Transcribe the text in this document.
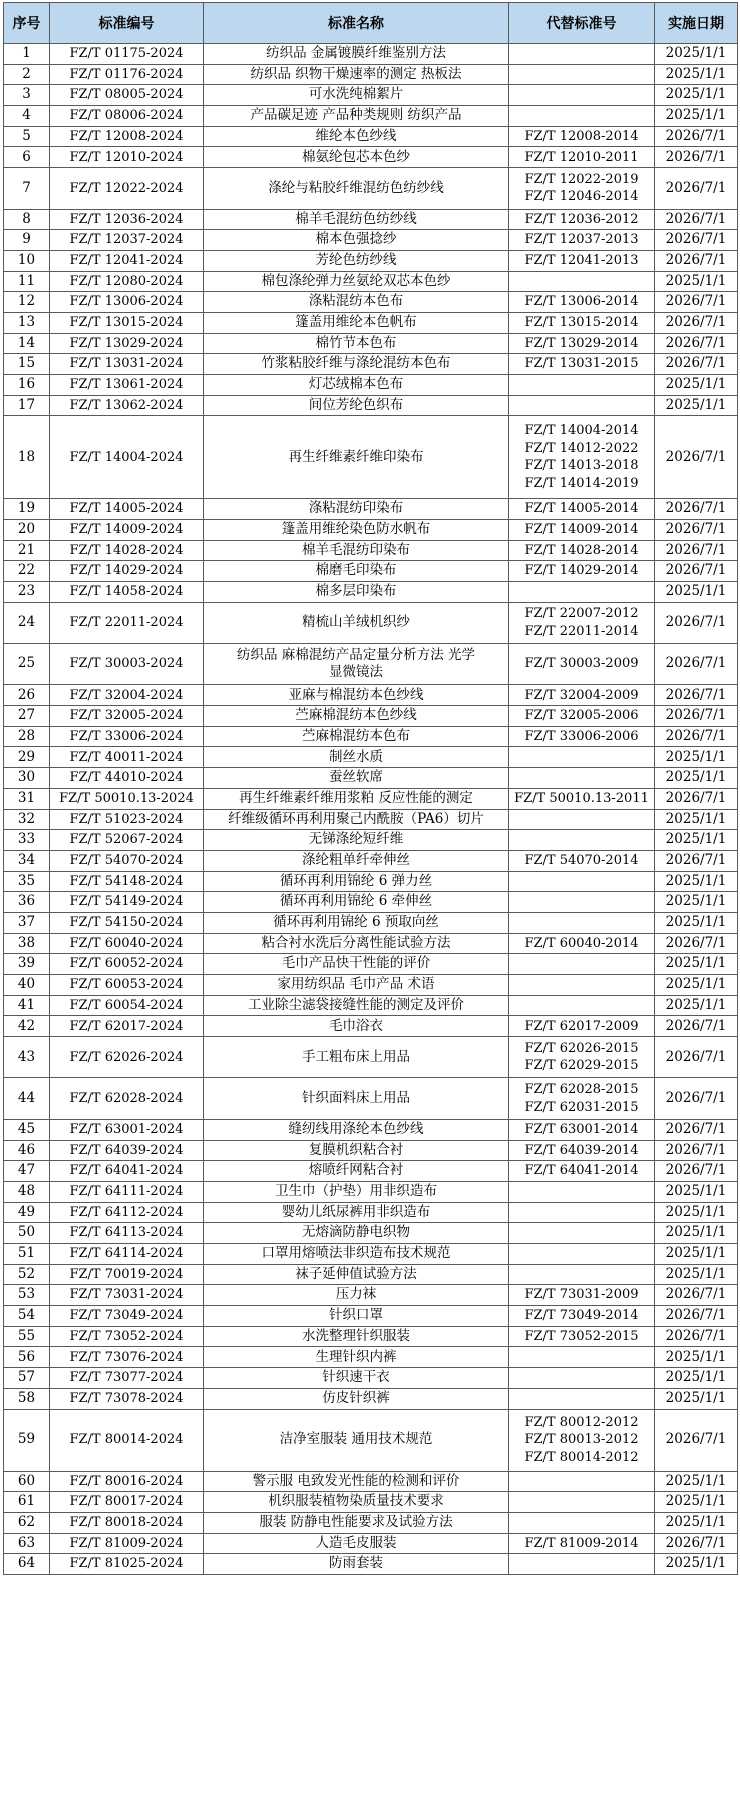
序号	标准编号	标准名称	代替标准号	实施日期
1	FZ/T 01175-2024	纺织品 金属镀膜纤维鉴别方法		2025/1/1
2	FZ/T 01176-2024	纺织品 织物干燥速率的测定 热板法		2025/1/1
3	FZ/T 08005-2024	可水洗纯棉絮片		2025/1/1
4	FZ/T 08006-2024	产品碳足迹 产品种类规则 纺织产品		2025/1/1
5	FZ/T 12008-2024	维纶本色纱线	FZ/T 12008-2014	2026/7/1
6	FZ/T 12010-2024	棉氨纶包芯本色纱	FZ/T 12010-2011	2026/7/1
7	FZ/T 12022-2024	涤纶与粘胶纤维混纺色纺纱线	FZ/T 12022-2019
FZ/T 12046-2014	2026/7/1
8	FZ/T 12036-2024	棉羊毛混纺色纺纱线	FZ/T 12036-2012	2026/7/1
9	FZ/T 12037-2024	棉本色强捻纱	FZ/T 12037-2013	2026/7/1
10	FZ/T 12041-2024	芳纶色纺纱线	FZ/T 12041-2013	2026/7/1
11	FZ/T 12080-2024	棉包涤纶弹力丝氨纶双芯本色纱		2025/1/1
12	FZ/T 13006-2024	涤粘混纺本色布	FZ/T 13006-2014	2026/7/1
13	FZ/T 13015-2024	篷盖用维纶本色帆布	FZ/T 13015-2014	2026/7/1
14	FZ/T 13029-2024	棉竹节本色布	FZ/T 13029-2014	2026/7/1
15	FZ/T 13031-2024	竹浆粘胶纤维与涤纶混纺本色布	FZ/T 13031-2015	2026/7/1
16	FZ/T 13061-2024	灯芯绒棉本色布		2025/1/1
17	FZ/T 13062-2024	间位芳纶色织布		2025/1/1
18	FZ/T 14004-2024	再生纤维素纤维印染布	FZ/T 14004-2014
FZ/T 14012-2022
FZ/T 14013-2018
FZ/T 14014-2019	2026/7/1
19	FZ/T 14005-2024	涤粘混纺印染布	FZ/T 14005-2014	2026/7/1
20	FZ/T 14009-2024	篷盖用维纶染色防水帆布	FZ/T 14009-2014	2026/7/1
21	FZ/T 14028-2024	棉羊毛混纺印染布	FZ/T 14028-2014	2026/7/1
22	FZ/T 14029-2024	棉磨毛印染布	FZ/T 14029-2014	2026/7/1
23	FZ/T 14058-2024	棉多层印染布		2025/1/1
24	FZ/T 22011-2024	精梳山羊绒机织纱	FZ/T 22007-2012
FZ/T 22011-2014	2026/7/1
25	FZ/T 30003-2024	纺织品 麻棉混纺产品定量分析方法 光学
显微镜法	FZ/T 30003-2009	2026/7/1
26	FZ/T 32004-2024	亚麻与棉混纺本色纱线	FZ/T 32004-2009	2026/7/1
27	FZ/T 32005-2024	苎麻棉混纺本色纱线	FZ/T 32005-2006	2026/7/1
28	FZ/T 33006-2024	苎麻棉混纺本色布	FZ/T 33006-2006	2026/7/1
29	FZ/T 40011-2024	制丝水质		2025/1/1
30	FZ/T 44010-2024	蚕丝软席		2025/1/1
31	FZ/T 50010.13-2024	再生纤维素纤维用浆粕 反应性能的测定	FZ/T 50010.13-2011	2026/7/1
32	FZ/T 51023-2024	纤维级循环再利用聚己内酰胺（PA6）切片		2025/1/1
33	FZ/T 52067-2024	无锑涤纶短纤维		2025/1/1
34	FZ/T 54070-2024	涤纶粗单纤牵伸丝	FZ/T 54070-2014	2026/7/1
35	FZ/T 54148-2024	循环再利用锦纶 6 弹力丝		2025/1/1
36	FZ/T 54149-2024	循环再利用锦纶 6 牵伸丝		2025/1/1
37	FZ/T 54150-2024	循环再利用锦纶 6 预取向丝		2025/1/1
38	FZ/T 60040-2024	粘合衬水洗后分离性能试验方法	FZ/T 60040-2014	2026/7/1
39	FZ/T 60052-2024	毛巾产品快干性能的评价		2025/1/1
40	FZ/T 60053-2024	家用纺织品 毛巾产品 术语		2025/1/1
41	FZ/T 60054-2024	工业除尘滤袋接缝性能的测定及评价		2025/1/1
42	FZ/T 62017-2024	毛巾浴衣	FZ/T 62017-2009	2026/7/1
43	FZ/T 62026-2024	手工粗布床上用品	FZ/T 62026-2015
FZ/T 62029-2015	2026/7/1
44	FZ/T 62028-2024	针织面料床上用品	FZ/T 62028-2015
FZ/T 62031-2015	2026/7/1
45	FZ/T 63001-2024	缝纫线用涤纶本色纱线	FZ/T 63001-2014	2026/7/1
46	FZ/T 64039-2024	复膜机织粘合衬	FZ/T 64039-2014	2026/7/1
47	FZ/T 64041-2024	熔喷纤网粘合衬	FZ/T 64041-2014	2026/7/1
48	FZ/T 64111-2024	卫生巾（护垫）用非织造布		2025/1/1
49	FZ/T 64112-2024	婴幼儿纸尿裤用非织造布		2025/1/1
50	FZ/T 64113-2024	无熔滴防静电织物		2025/1/1
51	FZ/T 64114-2024	口罩用熔喷法非织造布技术规范		2025/1/1
52	FZ/T 70019-2024	袜子延伸值试验方法		2025/1/1
53	FZ/T 73031-2024	压力袜	FZ/T 73031-2009	2026/7/1
54	FZ/T 73049-2024	针织口罩	FZ/T 73049-2014	2026/7/1
55	FZ/T 73052-2024	水洗整理针织服装	FZ/T 73052-2015	2026/7/1
56	FZ/T 73076-2024	生理针织内裤		2025/1/1
57	FZ/T 73077-2024	针织速干衣		2025/1/1
58	FZ/T 73078-2024	仿皮针织裤		2025/1/1
59	FZ/T 80014-2024	洁净室服装 通用技术规范	FZ/T 80012-2012
FZ/T 80013-2012
FZ/T 80014-2012	2026/7/1
60	FZ/T 80016-2024	警示服 电致发光性能的检测和评价		2025/1/1
61	FZ/T 80017-2024	机织服装植物染质量技术要求		2025/1/1
62	FZ/T 80018-2024	服装 防静电性能要求及试验方法		2025/1/1
63	FZ/T 81009-2024	人造毛皮服装	FZ/T 81009-2014	2026/7/1
64	FZ/T 81025-2024	防雨套装		2025/1/1
